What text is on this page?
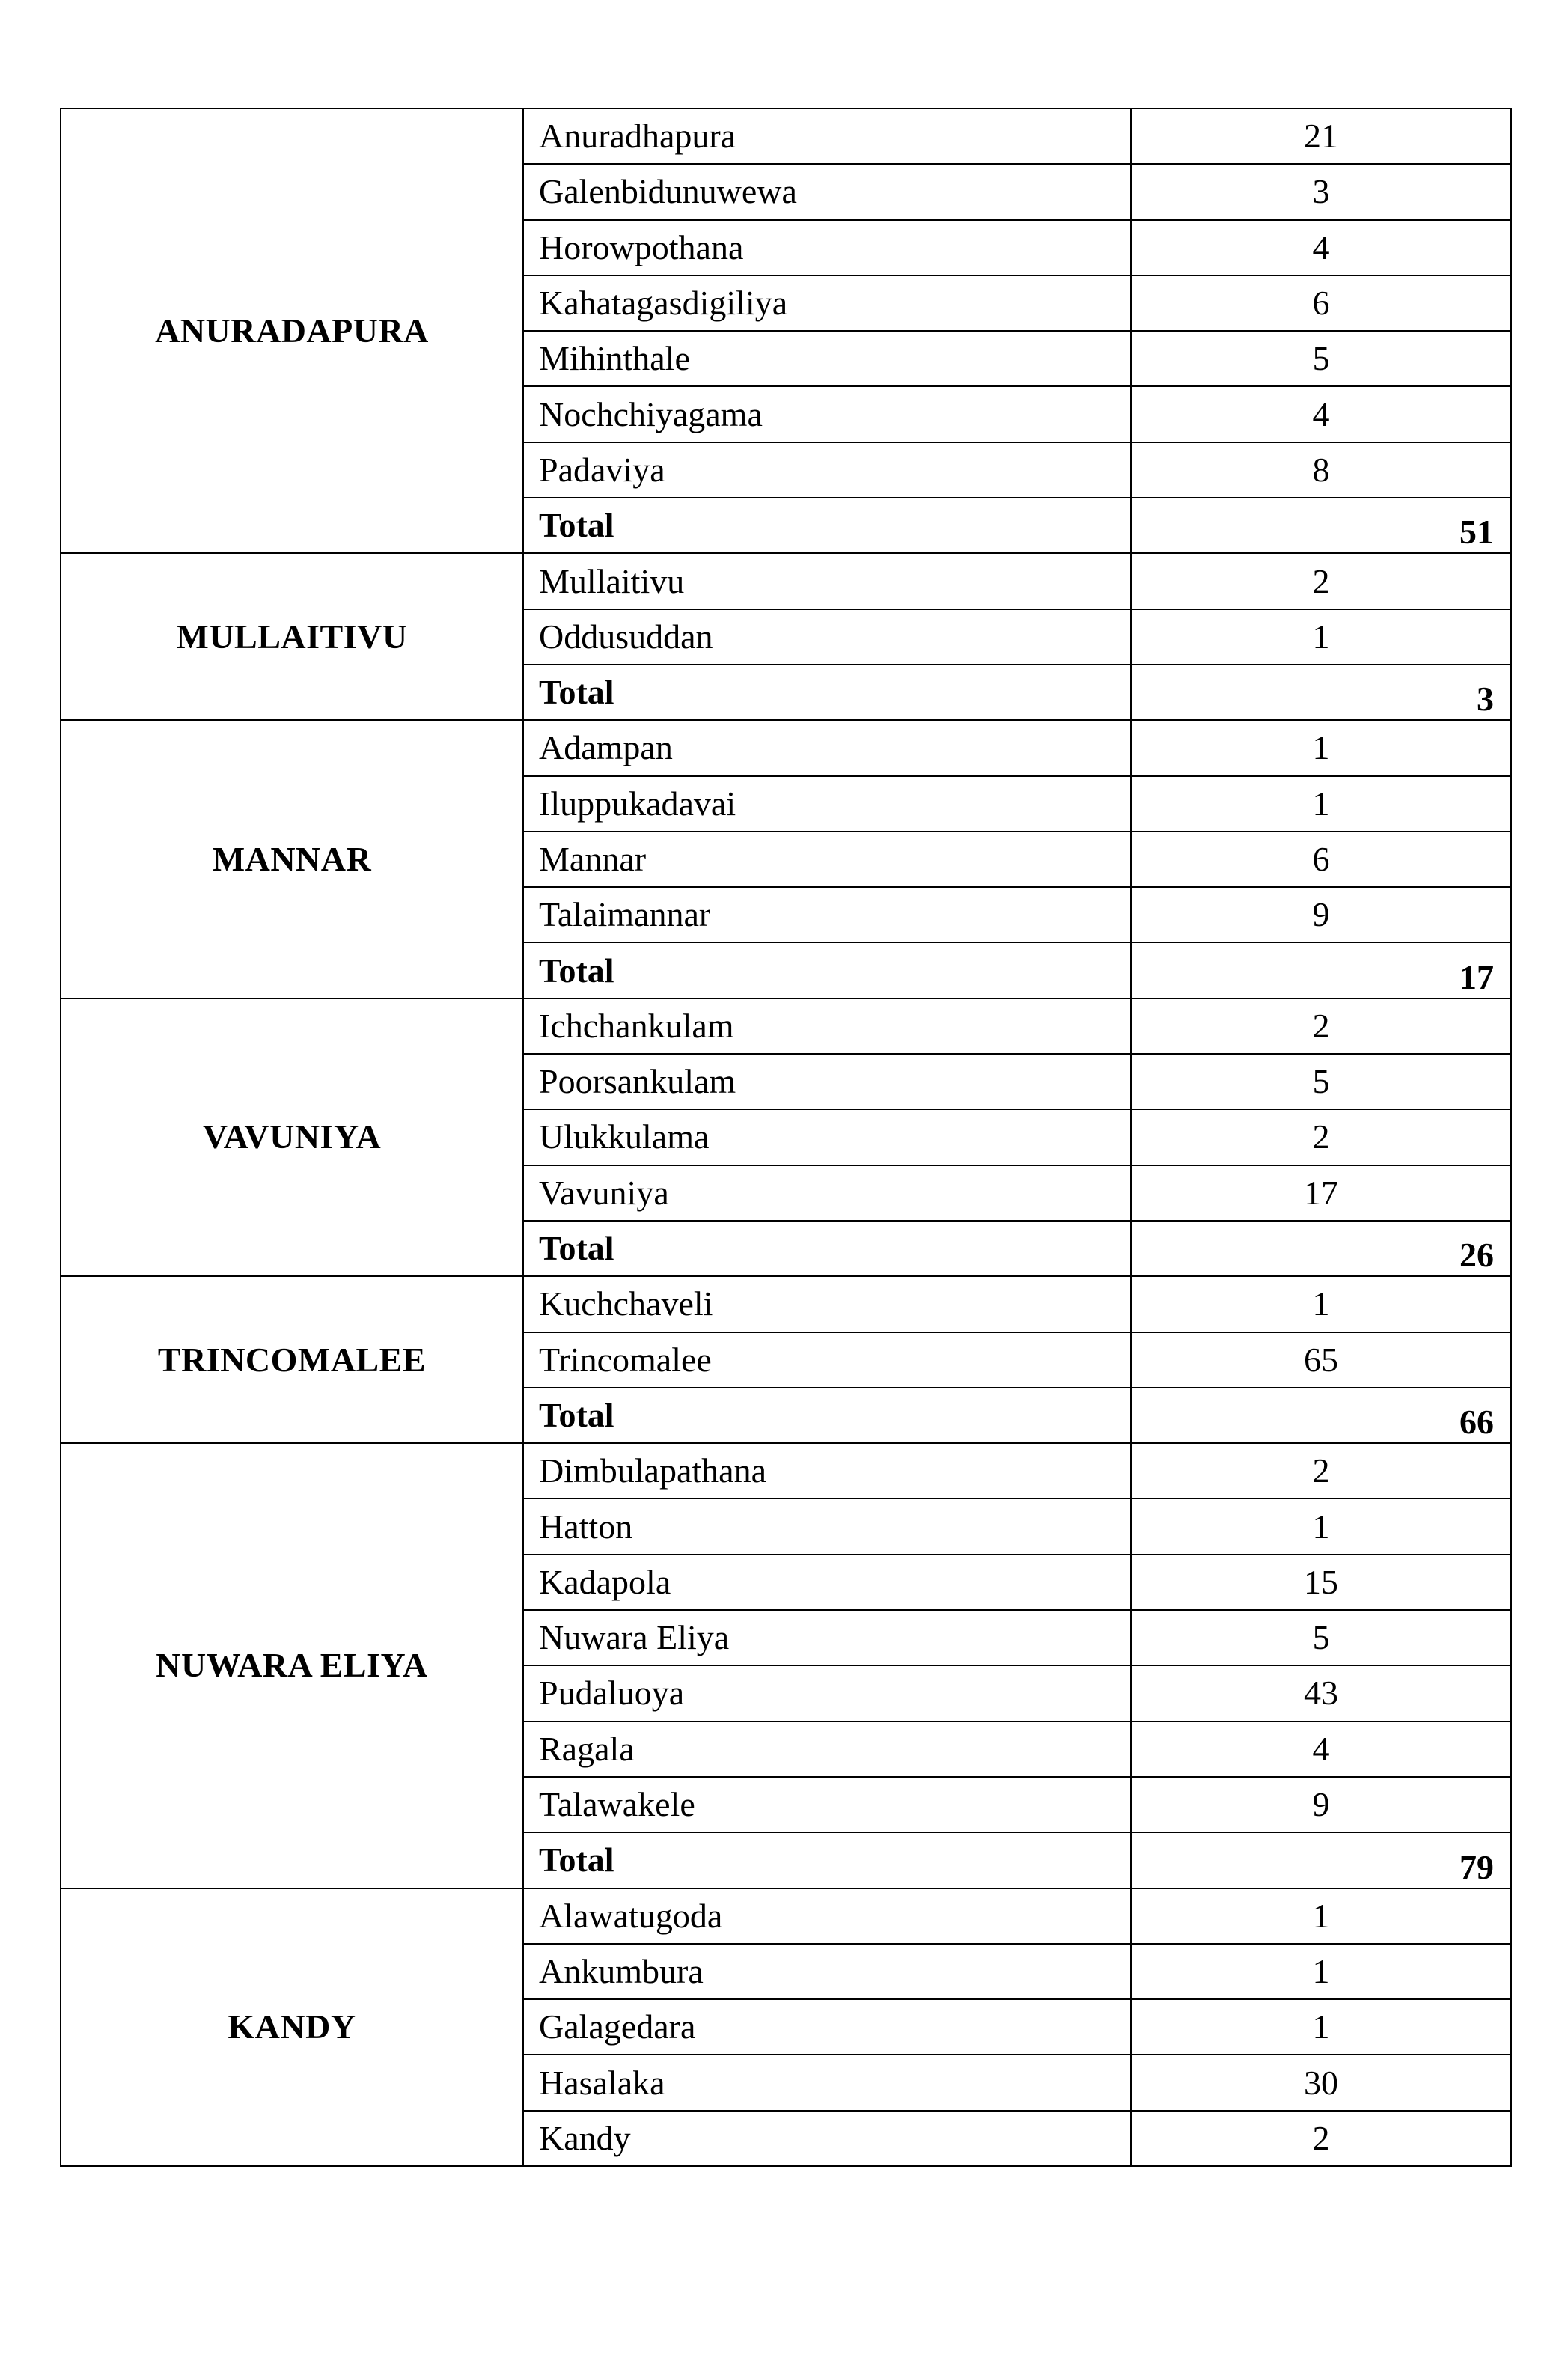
ANURADAPURA	Anuradhapura	21
	Galenbidunuwewa	3
	Horowpothana	4
	Kahatagasdigiliya	6
	Mihinthale	5
	Nochchiyagama	4
	Padaviya	8
	Total	51
MULLAITIVU	Mullaitivu	2
	Oddusuddan	1
	Total	3
MANNAR	Adampan	1
	Iluppukadavai	1
	Mannar	6
	Talaimannar	9
	Total	17
VAVUNIYA	Ichchankulam	2
	Poorsankulam	5
	Ulukkulama	2
	Vavuniya	17
	Total	26
TRINCOMALEE	Kuchchaveli	1
	Trincomalee	65
	Total	66
NUWARA ELIYA	Dimbulapathana	2
	Hatton	1
	Kadapola	15
	Nuwara Eliya	5
	Pudaluoya	43
	Ragala	4
	Talawakele	9
	Total	79
KANDY	Alawatugoda	1
	Ankumbura	1
	Galagedara	1
	Hasalaka	30
	Kandy	2
